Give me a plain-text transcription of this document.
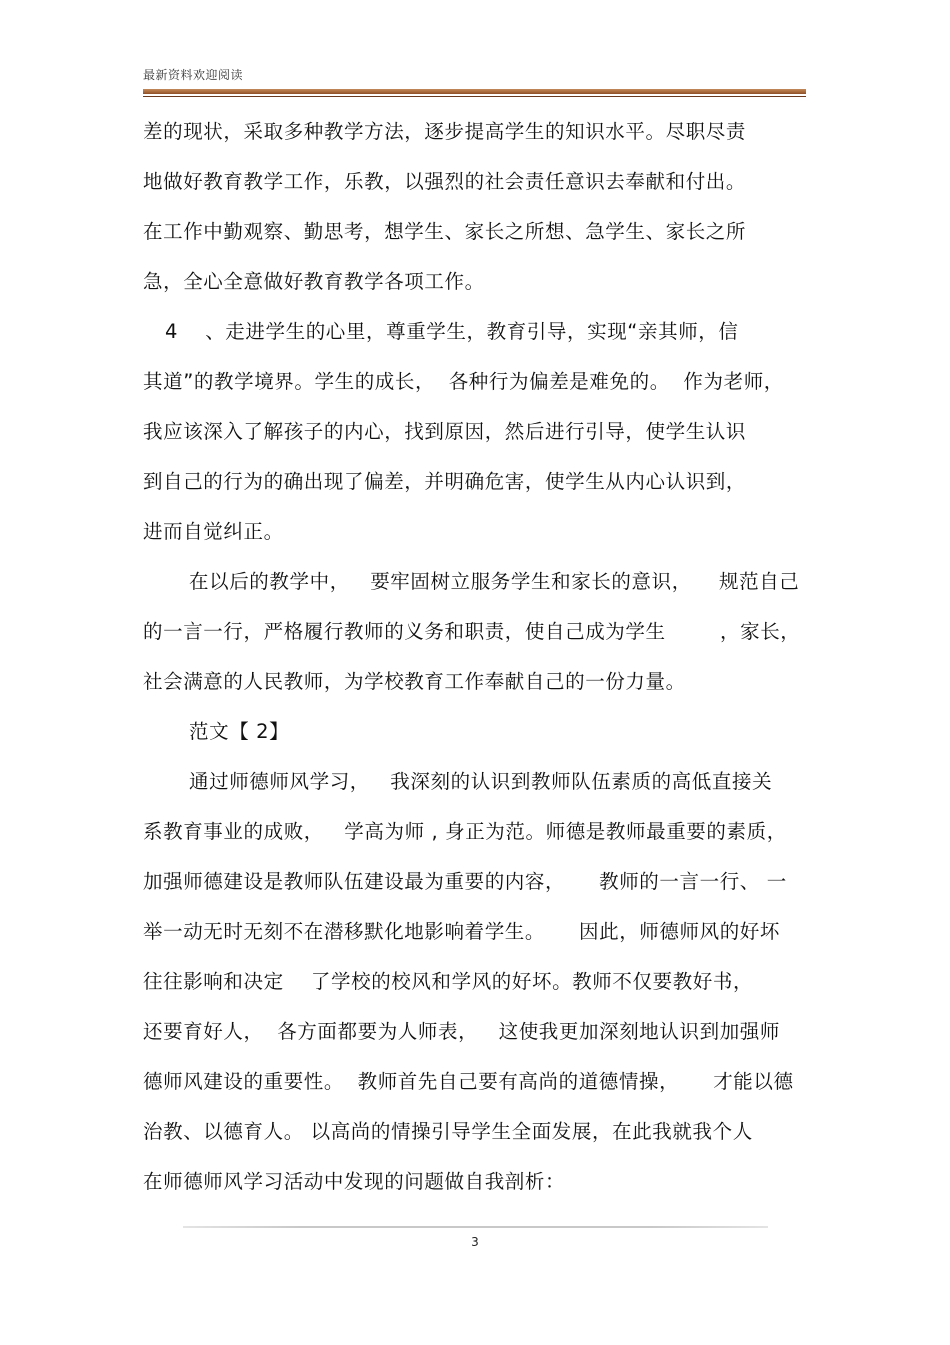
最新资料欢迎阅读
差的现状，采取多种教学方法，逐步提高学生的知识水平。尽职尽责
地做好教育教学工作，乐教，以强烈的社会责任意识去奉献和付出。
在工作中勤观察、勤思考，想学生、家长之所想、急学生、家长之所
急，全心全意做好教育教学各项工作。
4    、走进学生的心里，尊重学生，教育引导，实现“亲其师，信
其道”的教学境界。学生的成长，  各种行为偏差是难免的。  作为老师，
我应该深入了解孩子的内心，找到原因，然后进行引导，使学生认识
到自己的行为的确出现了偏差，并明确危害，使学生从内心认识到，
进而自觉纠正。
在以后的教学中，   要牢固树立服务学生和家长的意识，    规范自己
的一言一行，严格履行教师的义务和职责，使自己成为学生        ，家长，
社会满意的人民教师，为学校教育工作奉献自己的一份力量。
范文【 2】
通过师德师风学习，   我深刻的认识到教师队伍素质的高低直接关
系教育事业的成败，   学高为师 , 身正为范。师德是教师最重要的素质，
加强师德建设是教师队伍建设最为重要的内容，     教师的一言一行、 一
举一动无时无刻不在潜移默化地影响着学生。     因此，师德师风的好坏
往往影响和决定    了学校的校风和学风的好坏。教师不仅要教好书，
还要育好人，  各方面都要为人师表，   这使我更加深刻地认识到加强师
德师风建设的重要性。  教师首先自己要有高尚的道德情操，     才能以德
治教、以德育人。 以高尚的情操引导学生全面发展，在此我就我个人
在师德师风学习活动中发现的问题做自我剖析：
3
